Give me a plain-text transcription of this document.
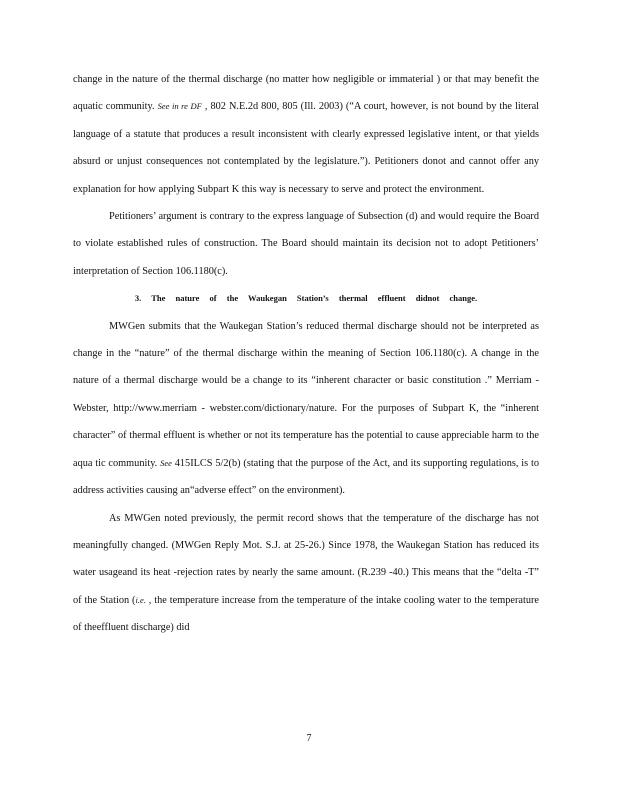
change in the nature of the thermal discharge (no matter how negligible or immaterial ) or that may benefit the aquatic community. See in re DF , 802 N.E.2d 800, 805 (Ill. 2003) (“A court, however, is not bound by the literal language of a statute that produces a result inconsistent with clearly expressed legislative intent, or that yields absurd or unjust consequences not contemplated by the legislature.”). Petitioners donot and cannot offer any explanation for how applying Subpart K this way is necessary to serve and protect the environment.

Petitioners’ argument is contrary to the express language of Subsection (d) and would require the Board to violate established rules of construction. The Board should maintain its decision not to adopt Petitioners’ interpretation of Section 106.1180(c).

3. The nature of the Waukegan Station’s thermal effluent didnot change.

MWGen submits that the Waukegan Station’s reduced thermal discharge should not be interpreted as change in the “nature” of the thermal discharge within the meaning of Section 106.1180(c). A change in the nature of a thermal discharge would be a change to its “inherent character or basic constitution .” Merriam - Webster, http://www.merriam - webster.com/dictionary/nature. For the purposes of Subpart K, the “inherent character” of thermal effluent is whether or not its temperature has the potential to cause appreciable harm to the aqua tic community. See 415ILCS 5/2(b) (stating that the purpose of the Act, and its supporting regulations, is to address activities causing an“adverse effect” on the environment).

As MWGen noted previously, the permit record shows that the temperature of the discharge has not meaningfully changed. (MWGen Reply Mot. S.J. at 25-26.) Since 1978, the Waukegan Station has reduced its water usageand its heat -rejection rates by nearly the same amount. (R.239 -40.) This means that the “delta -T” of the Station (i.e. , the temperature increase from the temperature of the intake cooling water to the temperature of theeffluent discharge) did

7
